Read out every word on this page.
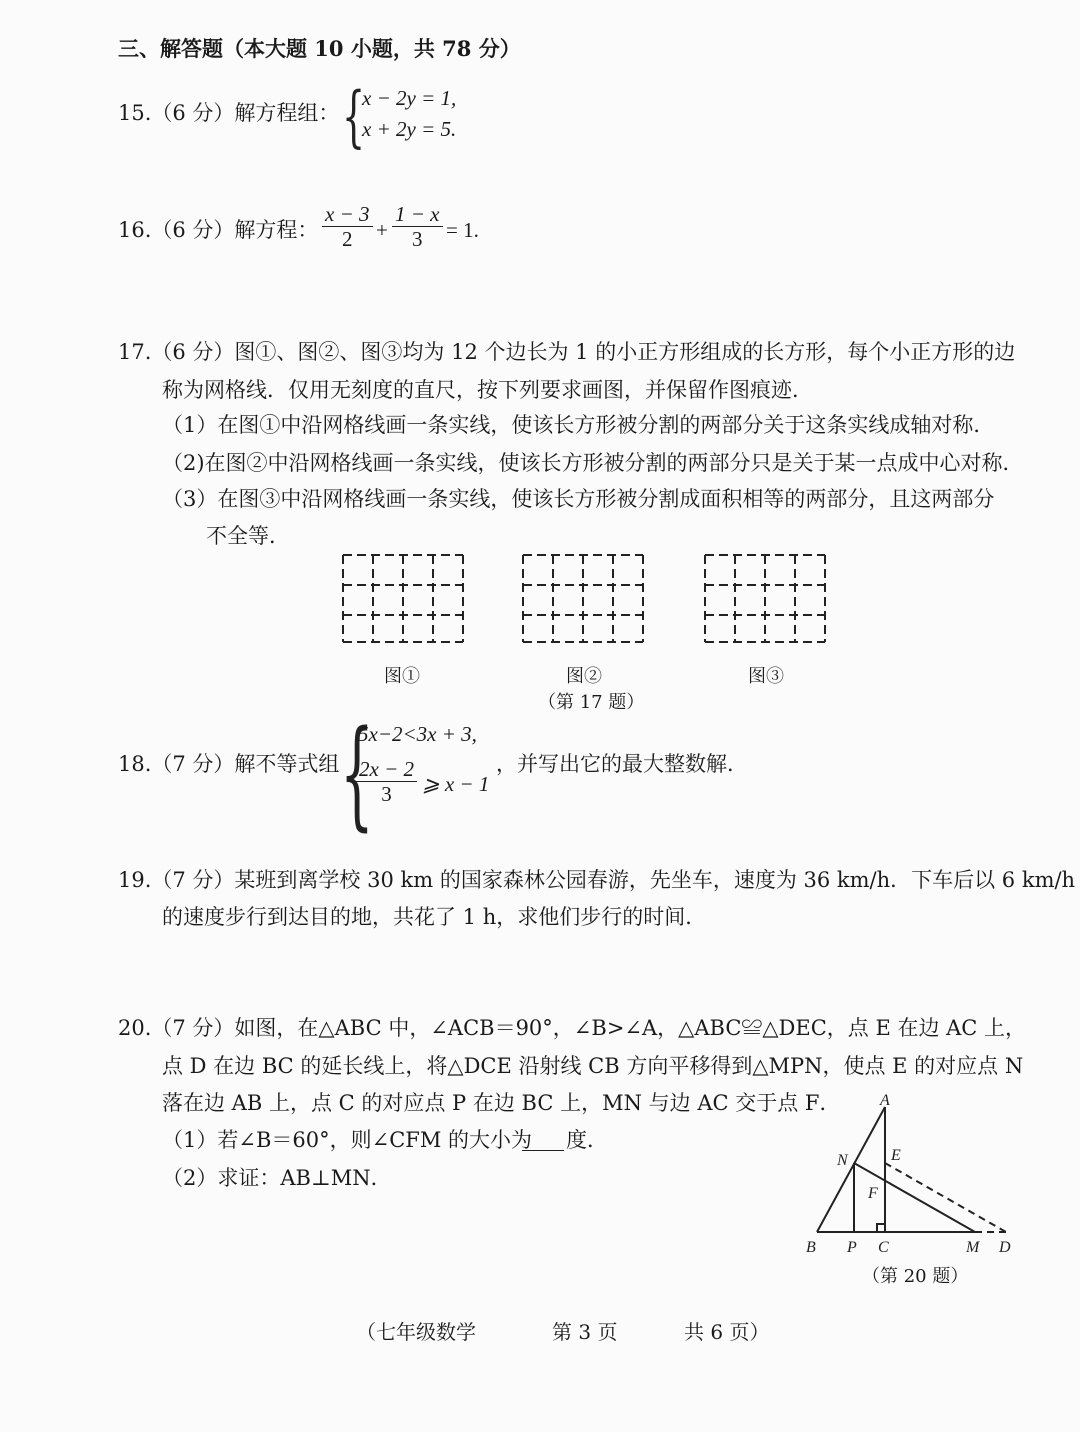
三、解答题（本大题 10 小题，共 78 分）
15.（6 分）解方程组： {
x − 2y = 1,
x + 2y = 5.
16.（6 分）解方程： $\frac{x - 3}{2} + \frac{1 - x}{3} = 1$.
17.（6 分）图①、图②、图③均为 12 个边长为 1 的小正方形组成的长方形，每个小正方形的边
称为网格线．仅用无刻度的直尺，按下列要求画图，并保留作图痕迹．
（1）在图①中沿网格线画一条实线，使该长方形被分割的两部分关于这条实线成轴对称．
（2)在图②中沿网格线画一条实线，使该长方形被分割的两部分只是关于某一点成中心对称．
（3）在图③中沿网格线画一条实线，使该长方形被分割成面积相等的两部分，且这两部分
不全等．
图①	图②	图③
（第 17 题）
18.（7 分）解不等式组 {
5x−2<3x + 3,
$\frac{2x - 2}{3}$ ⩾ x − 1
，并写出它的最大整数解．
19.（7 分）某班到离学校 30 km 的国家森林公园春游，先坐车，速度为 36 km/h．下车后以 6 km/h
的速度步行到达目的地，共花了 1 h，求他们步行的时间．
20.（7 分）如图，在△ABC 中，∠ACB＝90°，∠B>∠A，△ABC≌△DEC，点 E 在边 AC 上，
点 D 在边 BC 的延长线上，将△DCE 沿射线 CB 方向平移得到△MPN，使点 E 的对应点 N
落在边 AB 上，点 C 的对应点 P 在边 BC 上，MN 与边 AC 交于点 F．
（1）若∠B＝60°，则∠CFM 的大小为 度．
（2）求证：AB⊥MN．
A
B P C	M D
N	E
F
（第 20 题）
（七年级数学	第 3 页	共 6 页）
